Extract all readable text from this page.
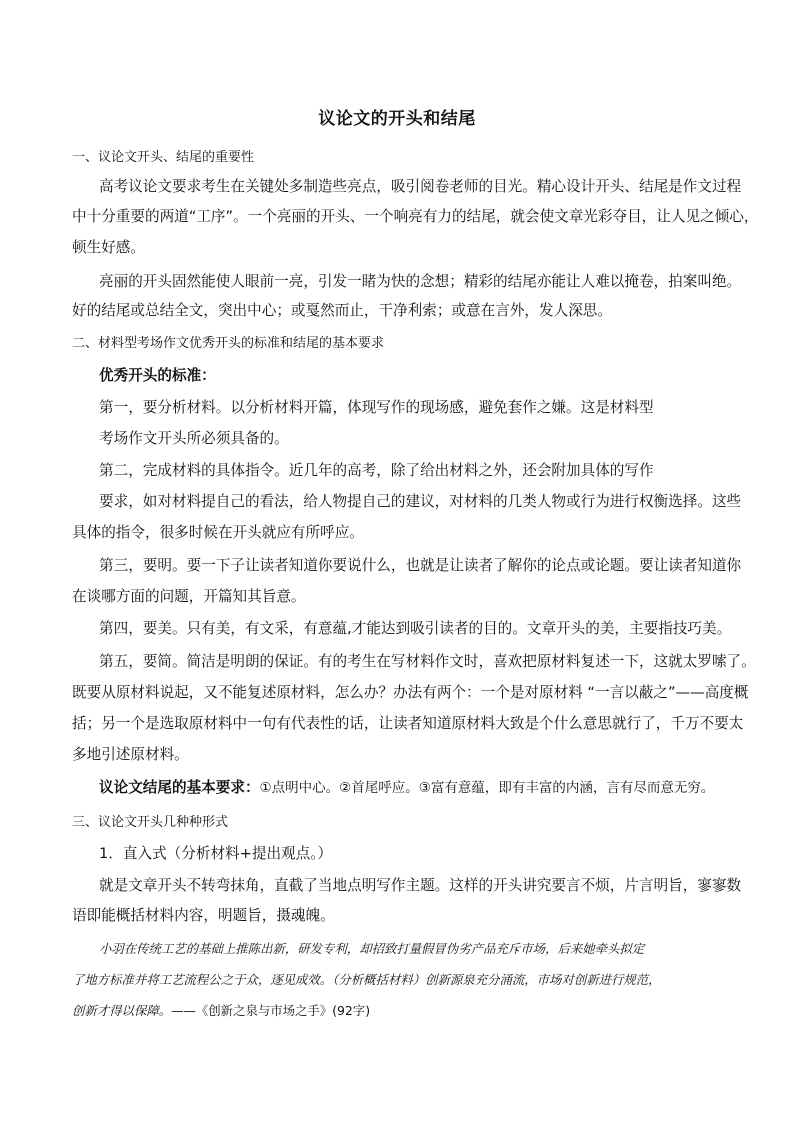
议论文的开头和结尾
一、议论文开头、结尾的重要性
高考议论文要求考生在关键处多制造些亮点，吸引阅卷老师的目光。精心设计开头、结尾是作文过程
中十分重要的两道“工序”。一个亮丽的开头、一个响亮有力的结尾，就会使文章光彩夺目，让人见之倾心，
顿生好感。
亮丽的开头固然能使人眼前一亮，引发一睹为快的念想；精彩的结尾亦能让人难以掩卷，拍案叫绝。
好的结尾或总结全文，突出中心；或戛然而止，干净利索；或意在言外，发人深思。
二、材料型考场作文优秀开头的标准和结尾的基本要求
优秀开头的标准：
第一，要分析材料。以分析材料开篇，体现写作的现场感，避免套作之嫌。这是材料型
考场作文开头所必须具备的。
第二，完成材料的具体指令。近几年的高考，除了给出材料之外，还会附加具体的写作
要求，如对材料提自己的看法，给人物提自己的建议，对材料的几类人物或行为进行权衡选择。这些
具体的指令，很多时候在开头就应有所呼应。
第三，要明。要一下子让读者知道你要说什么，也就是让读者了解你的论点或论题。要让读者知道你
在谈哪方面的问题，开篇知其旨意。
第四，要美。只有美，有文采，有意蕴,才能达到吸引读者的目的。文章开头的美，主要指技巧美。
第五，要简。简洁是明朗的保证。有的考生在写材料作文时，喜欢把原材料复述一下，这就太罗嗦了。
既要从原材料说起，又不能复述原材料，怎么办？办法有两个：一个是对原材料 “一言以蔽之”——高度概
括；另一个是选取原材料中一句有代表性的话，让读者知道原材料大致是个什么意思就行了，千万不要太
多地引述原材料。
议论文结尾的基本要求：①点明中心。②首尾呼应。③富有意蕴，即有丰富的内涵，言有尽而意无穷。
三、议论文开头几种种形式
1．直入式（分析材料+提出观点。）
就是文章开头不转弯抹角，直截了当地点明写作主题。这样的开头讲究要言不烦，片言明旨，寥寥数
语即能概括材料内容，明题旨，摄魂魄。
小羽在传统工艺的基础上推陈出新，研发专利，却招致打量假冒伪劣产品充斥市场，后来她牵头拟定
了地方标准并将工艺流程公之于众，逐见成效。（分析概括材料）创新源泉充分涌流，市场对创新进行规范，
创新才得以保障。——《创新之泉与市场之手》(92字)
